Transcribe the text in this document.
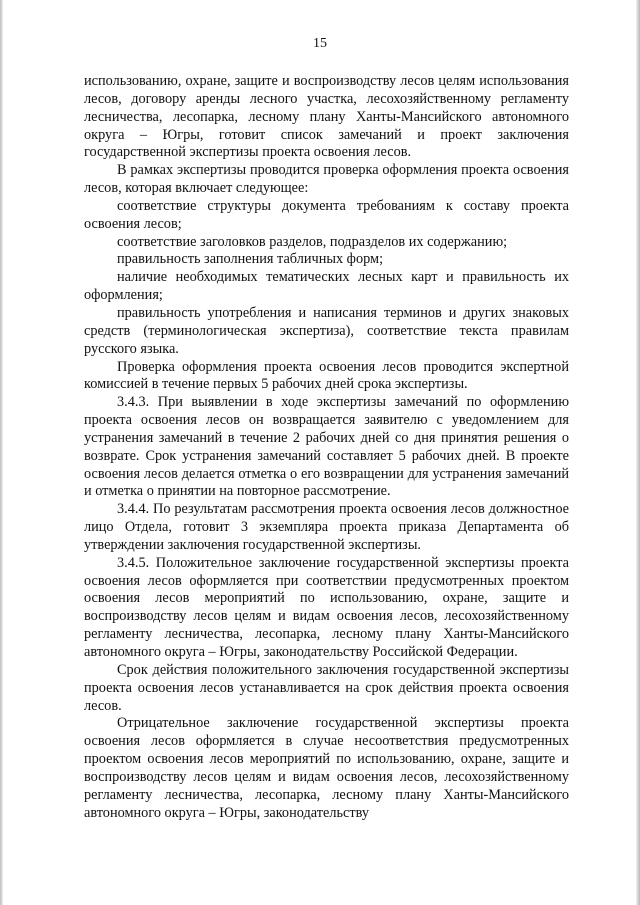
15

использованию, охране, защите и воспроизводству лесов целям использования лесов, договору аренды лесного участка, лесохозяйственному регламенту лесничества, лесопарка, лесному плану Ханты-Мансийского автономного округа – Югры, готовит список замечаний и проект заключения государственной экспертизы проекта освоения лесов.

В рамках экспертизы проводится проверка оформления проекта освоения лесов, которая включает следующее:

соответствие структуры документа требованиям к составу проекта освоения лесов;

соответствие заголовков разделов, подразделов их содержанию;

правильность заполнения табличных форм;

наличие необходимых тематических лесных карт и правильность их оформления;

правильность употребления и написания терминов и других знаковых средств (терминологическая экспертиза), соответствие текста правилам русского языка.

Проверка оформления проекта освоения лесов проводится экспертной комиссией в течение первых 5 рабочих дней срока экспертизы.

3.4.3. При выявлении в ходе экспертизы замечаний по оформлению проекта освоения лесов он возвращается заявителю с уведомлением для устранения замечаний в течение 2 рабочих дней со дня принятия решения о возврате. Срок устранения замечаний составляет 5 рабочих дней. В проекте освоения лесов делается отметка о его возвращении для устранения замечаний и отметка о принятии на повторное рассмотрение.

3.4.4. По результатам рассмотрения проекта освоения лесов должностное лицо Отдела, готовит 3 экземпляра проекта приказа Департамента об утверждении заключения государственной экспертизы.

3.4.5. Положительное заключение государственной экспертизы проекта освоения лесов оформляется при соответствии предусмотренных проектом освоения лесов мероприятий по использованию, охране, защите и воспроизводству лесов целям и видам освоения лесов, лесохозяйственному регламенту лесничества, лесопарка, лесному плану Ханты-Мансийского автономного округа – Югры, законодательству Российской Федерации.

Срок действия положительного заключения государственной экспертизы проекта освоения лесов устанавливается на срок действия проекта освоения лесов.

Отрицательное заключение государственной экспертизы проекта освоения лесов оформляется в случае несоответствия предусмотренных проектом освоения лесов мероприятий по использованию, охране, защите и воспроизводству лесов целям и видам освоения лесов, лесохозяйственному регламенту лесничества, лесопарка, лесному плану Ханты-Мансийского автономного округа – Югры, законодательству
